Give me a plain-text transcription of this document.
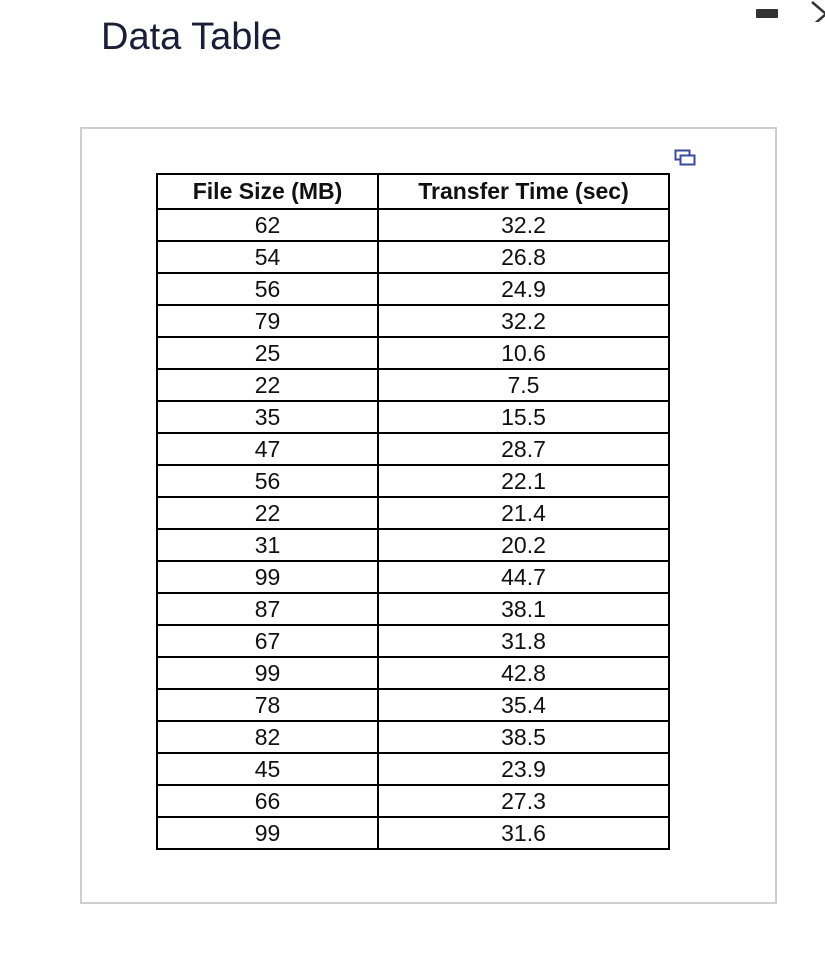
Data Table
File Size (MB)	Transfer Time (sec)
62	32.2
54	26.8
56	24.9
79	32.2
25	10.6
22	7.5
35	15.5
47	28.7
56	22.1
22	21.4
31	20.2
99	44.7
87	38.1
67	31.8
99	42.8
78	35.4
82	38.5
45	23.9
66	27.3
99	31.6
